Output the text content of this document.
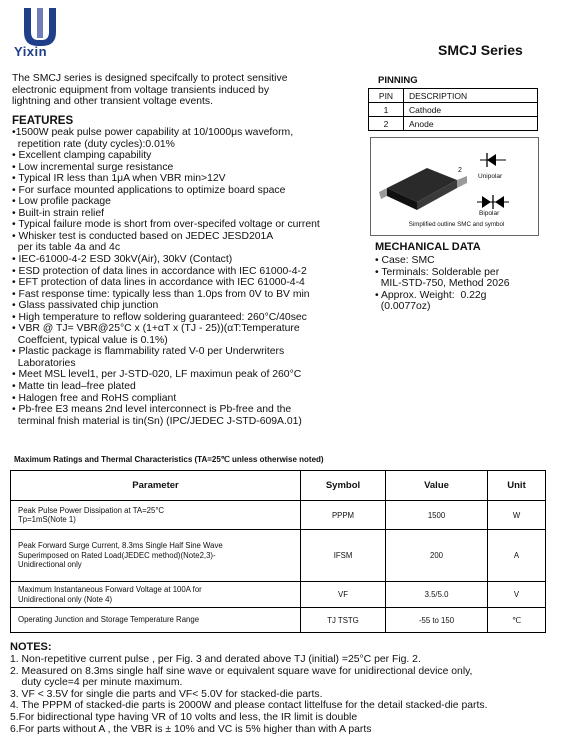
Yixin	SMCJ Series
The SMCJ series is designed specifcally to protect sensitive
electronic equipment from voltage transients induced by
lightning and other transient voltage events.
FEATURES
•1500W peak pulse power capability at 10/1000μs waveform,
repetition rate (duty cycles):0.01%
• Excellent clamping capability
• Low incremental surge resistance
• Typical IR less than 1μA when VBR min>12V
• For surface mounted applications to optimize board space
• Low profile package
• Built-in strain relief
• Typical failure mode is short from over-specifed voltage or current
• Whisker test is conducted based on JEDEC JESD201A
per its table 4a and 4c
• IEC-61000-4-2 ESD 30kV(Air), 30kV (Contact)
• ESD protection of data lines in accordance with IEC 61000-4-2
• EFT protection of data lines in accordance with IEC 61000-4-4
• Fast response time: typically less than 1.0ps from 0V to BV min
• Glass passivated chip junction
• High temperature to reflow soldering guaranteed: 260°C/40sec
• VBR @ TJ= VBR@25°C x (1+αT x (TJ - 25))(αT:Temperature
Coeffcient, typical value is 0.1%)
• Plastic package is flammability rated V-0 per Underwriters
Laboratories
• Meet MSL level1, per J-STD-020, LF maximun peak of 260°C
• Matte tin lead–free plated
• Halogen free and RoHS compliant
• Pb-free E3 means 2nd level interconnect is Pb-free and the
terminal fnish material is tin(Sn) (IPC/JEDEC J-STD-609A.01)
PINNING
PIN	DESCRIPTION
1	Cathode
2	Anode
2
Unipolar
Bipolar
Simplified outline SMC and symbol
MECHANICAL DATA
• Case: SMC
• Terminals: Solderable per
MIL-STD-750, Method 2026
• Approx. Weight:  0.22g
(0.0077oz)
Maximum Ratings and Thermal Characteristics (TA=25℃ unless otherwise noted)
Parameter	Symbol	Value	Unit

Peak Pulse Power Dissipation at TA=25°C
Tp=1mS(Note 1)	PPPM	1500	W

Peak Forward Surge Current, 8.3ms Single Half Sine Wave
Superimposed on Rated Load(JEDEC method)(Note2,3)-
Unidirectional only	IFSM	200	A

Maximum Instantaneous Forward Voltage at 100A for
Unidirectional only (Note 4)	VF	3.5/5.0	V
Operating Junction and Storage Temperature Range	TJ TSTG	-55 to 150	℃
NOTES:
1. Non-repetitive current pulse , per Fig. 3 and derated above TJ (initial) =25°C per Fig. 2.
2. Measured on 8.3ms single half sine wave or equivalent square wave for unidirectional device only,
duty cycle=4 per minute maximum.
3. VF < 3.5V for single die parts and VF< 5.0V for stacked-die parts.
4. The PPPM of stacked-die parts is 2000W and please contact littelfuse for the detail stacked-die parts.
5.For bidirectional type having VR of 10 volts and less, the IR limit is double
6.For parts without A , the VBR is ± 10% and VC is 5% higher than with A parts
